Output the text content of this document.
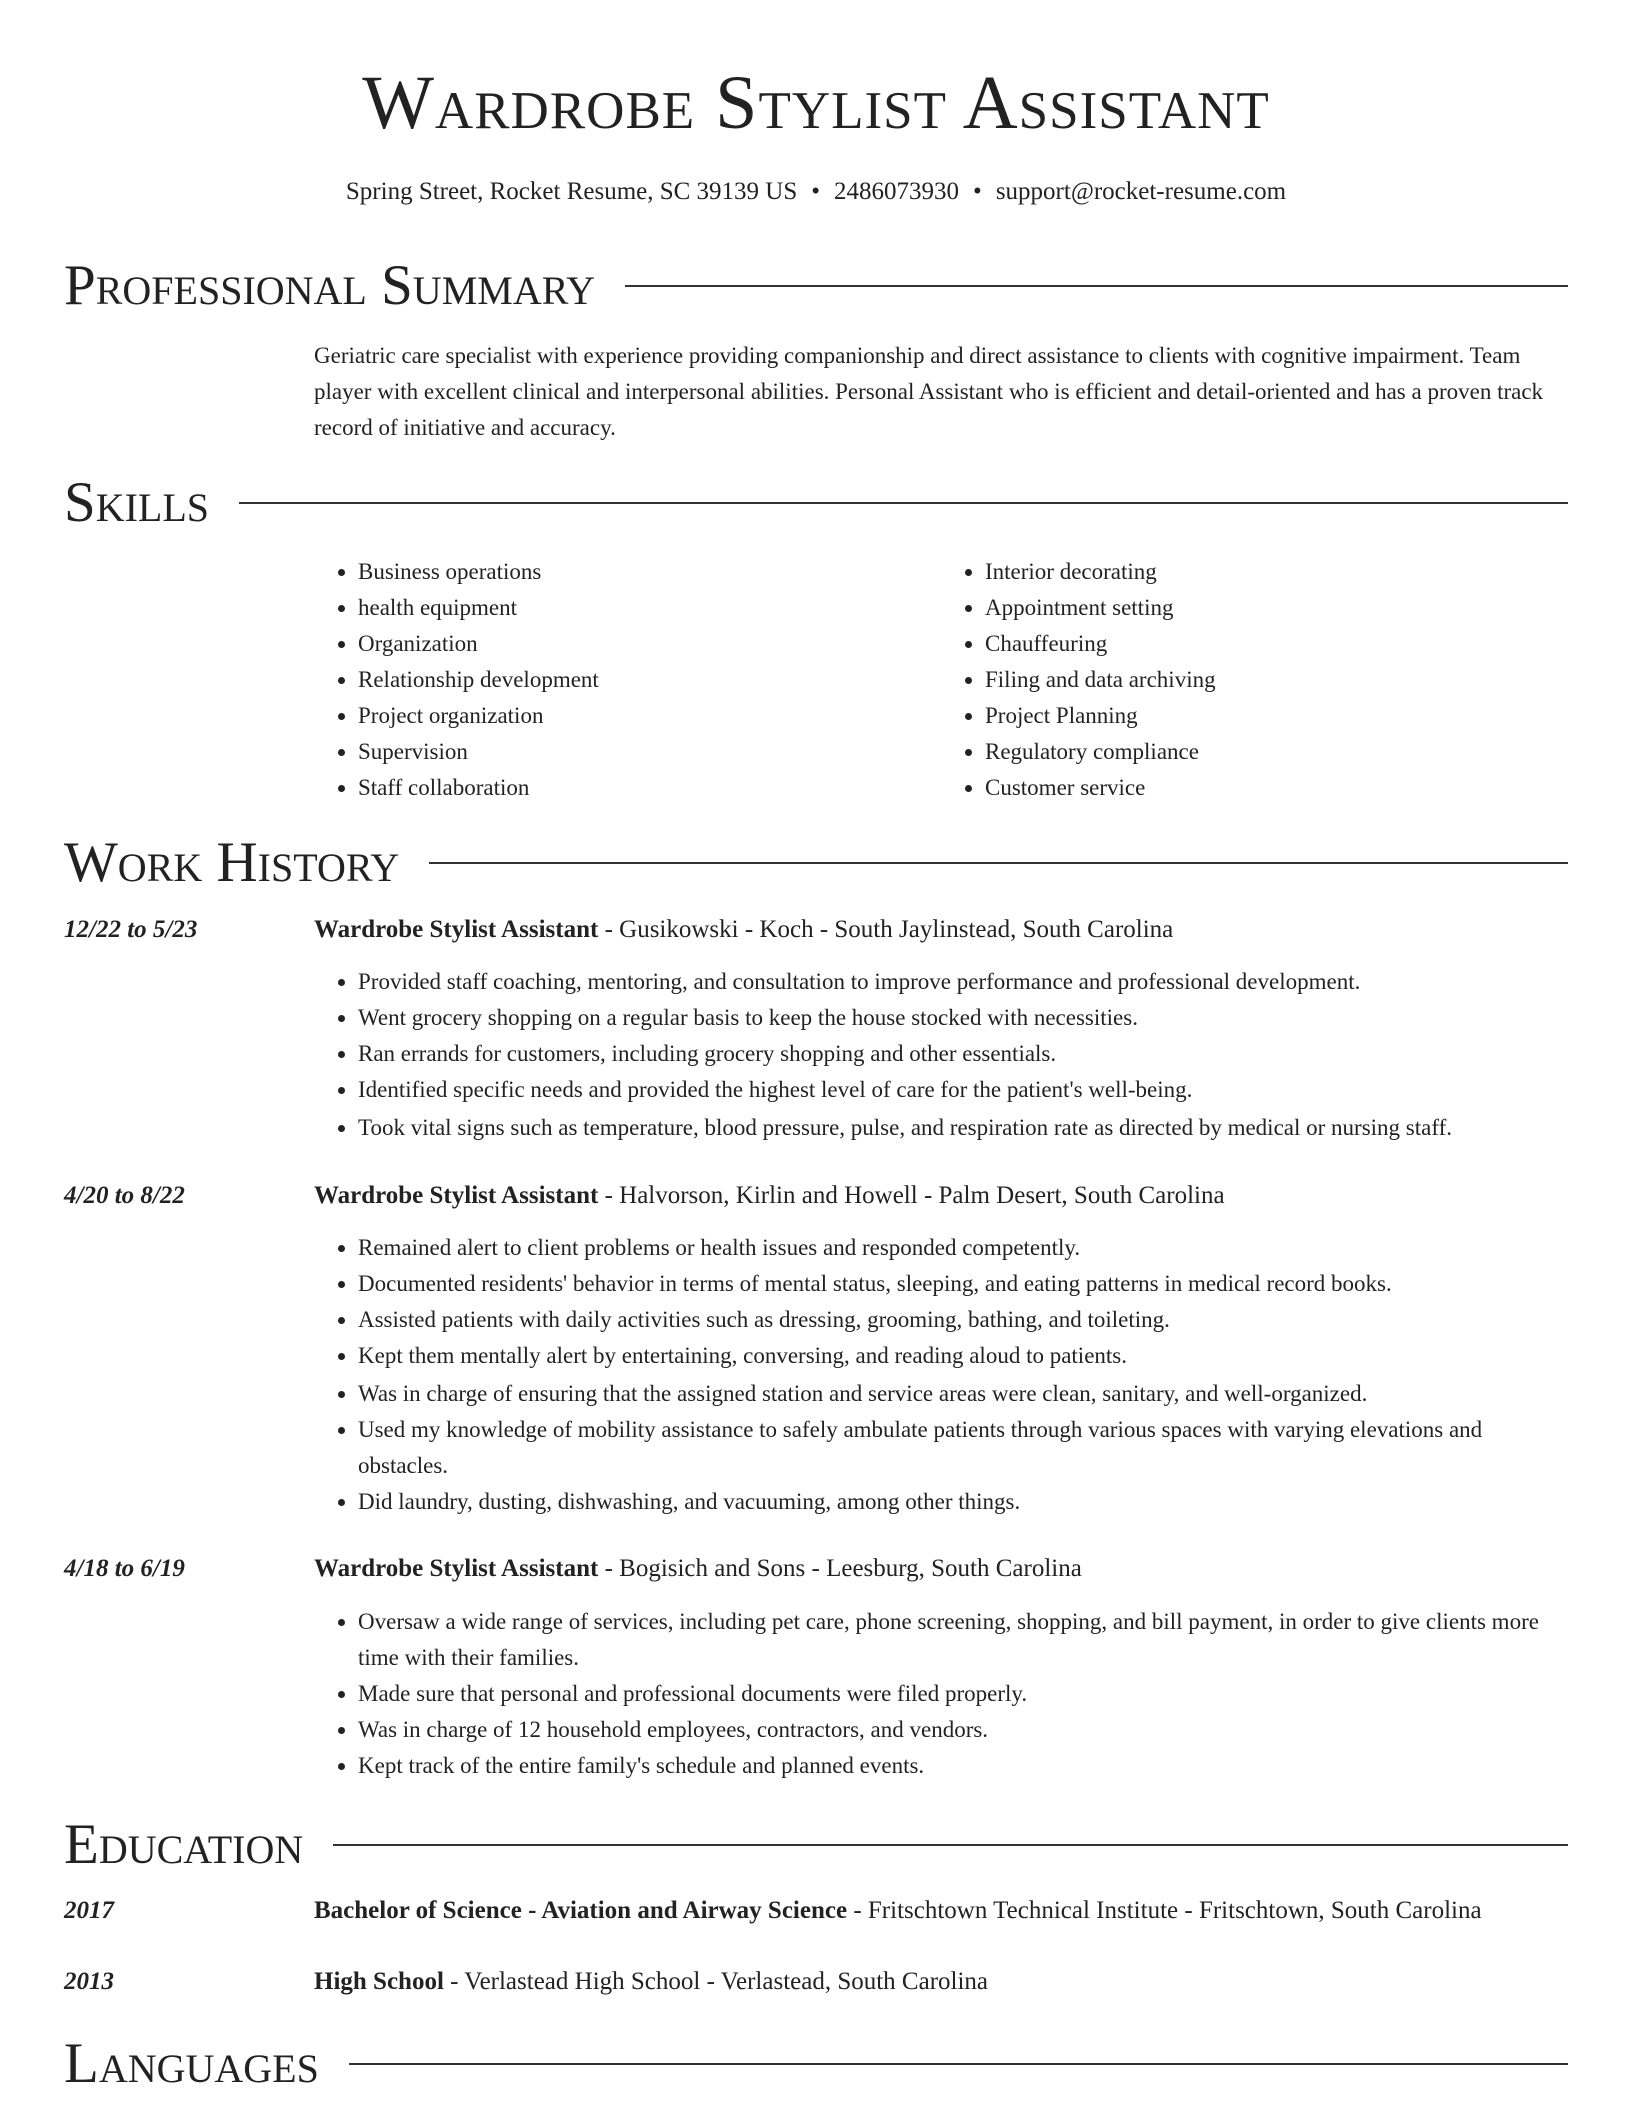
Wardrobe Stylist Assistant
Spring Street, Rocket Resume, SC 39139 US • 2486073930 • support@rocket-resume.com
Professional Summary

Geriatric care specialist with experience providing companionship and direct assistance to clients with cognitive impairment. Team player with excellent clinical and interpersonal abilities. Personal Assistant who is efficient and detail-oriented and has a proven track record of initiative and accuracy.

Skills
• Business operations
• health equipment
• Organization
• Relationship development
• Project organization
• Supervision
• Staff collaboration
• Interior decorating
• Appointment setting
• Chauffeuring
• Filing and data archiving
• Project Planning
• Regulatory compliance
• Customer service
Work History
12/22 to 5/23	Wardrobe Stylist Assistant - Gusikowski - Koch - South Jaylinstead, South Carolina
• Provided staff coaching, mentoring, and consultation to improve performance and professional development.
• Went grocery shopping on a regular basis to keep the house stocked with necessities.
• Ran errands for customers, including grocery shopping and other essentials.
• Identified specific needs and provided the highest level of care for the patient's well-being.
• Took vital signs such as temperature, blood pressure, pulse, and respiration rate as directed by medical or nursing staff.
4/20 to 8/22	Wardrobe Stylist Assistant - Halvorson, Kirlin and Howell - Palm Desert, South Carolina
• Remained alert to client problems or health issues and responded competently.
• Documented residents' behavior in terms of mental status, sleeping, and eating patterns in medical record books.
• Assisted patients with daily activities such as dressing, grooming, bathing, and toileting.
• Kept them mentally alert by entertaining, conversing, and reading aloud to patients.
• Was in charge of ensuring that the assigned station and service areas were clean, sanitary, and well-organized.
• Used my knowledge of mobility assistance to safely ambulate patients through various spaces with varying elevations and obstacles.
• Did laundry, dusting, dishwashing, and vacuuming, among other things.
4/18 to 6/19	Wardrobe Stylist Assistant - Bogisich and Sons - Leesburg, South Carolina
• Oversaw a wide range of services, including pet care, phone screening, shopping, and bill payment, in order to give clients more time with their families.
• Made sure that personal and professional documents were filed properly.
• Was in charge of 12 household employees, contractors, and vendors.
• Kept track of the entire family's schedule and planned events.
Education
2017	Bachelor of Science - Aviation and Airway Science - Fritschtown Technical Institute - Fritschtown, South Carolina
2013	High School - Verlastead High School - Verlastead, South Carolina
Languages
